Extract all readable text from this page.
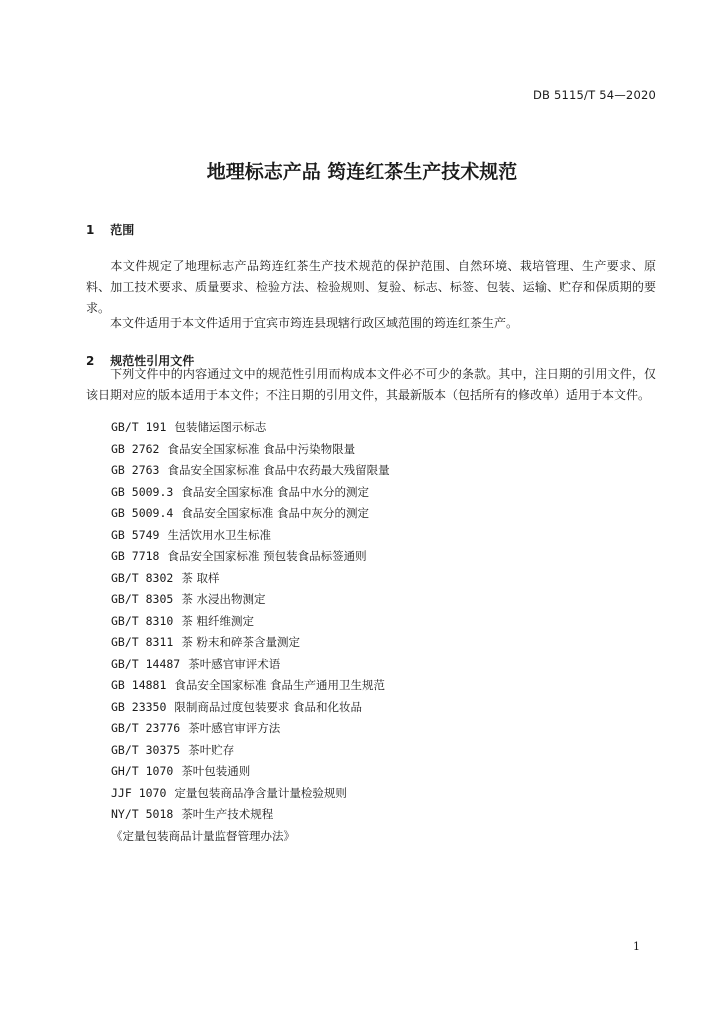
DB 5115/T 54—2020
地理标志产品 筠连红茶生产技术规范
1 范围

本文件规定了地理标志产品筠连红茶生产技术规范的保护范围、自然环境、栽培管理、生产要求、原料、加工技术要求、质量要求、检验方法、检验规则、复验、标志、标签、包装、运输、贮存和保质期的要求。

本文件适用于本文件适用于宜宾市筠连县现辖行政区域范围的筠连红茶生产。

2 规范性引用文件

下列文件中的内容通过文中的规范性引用而构成本文件必不可少的条款。其中，注日期的引用文件，仅该日期对应的版本适用于本文件；不注日期的引用文件，其最新版本（包括所有的修改单）适用于本文件。

GB/T 191 包装储运图示标志
GB 2762 食品安全国家标准 食品中污染物限量
GB 2763 食品安全国家标准 食品中农药最大残留限量
GB 5009.3 食品安全国家标准 食品中水分的测定
GB 5009.4 食品安全国家标准 食品中灰分的测定
GB 5749 生活饮用水卫生标准
GB 7718 食品安全国家标准 预包装食品标签通则
GB/T 8302 茶 取样
GB/T 8305 茶 水浸出物测定
GB/T 8310 茶 粗纤维测定
GB/T 8311 茶 粉末和碎茶含量测定
GB/T 14487 茶叶感官审评术语
GB 14881 食品安全国家标准 食品生产通用卫生规范
GB 23350 限制商品过度包装要求 食品和化妆品
GB/T 23776 茶叶感官审评方法
GB/T 30375 茶叶贮存
GH/T 1070 茶叶包装通则
JJF 1070 定量包装商品净含量计量检验规则
NY/T 5018 茶叶生产技术规程
《定量包装商品计量监督管理办法》
1
